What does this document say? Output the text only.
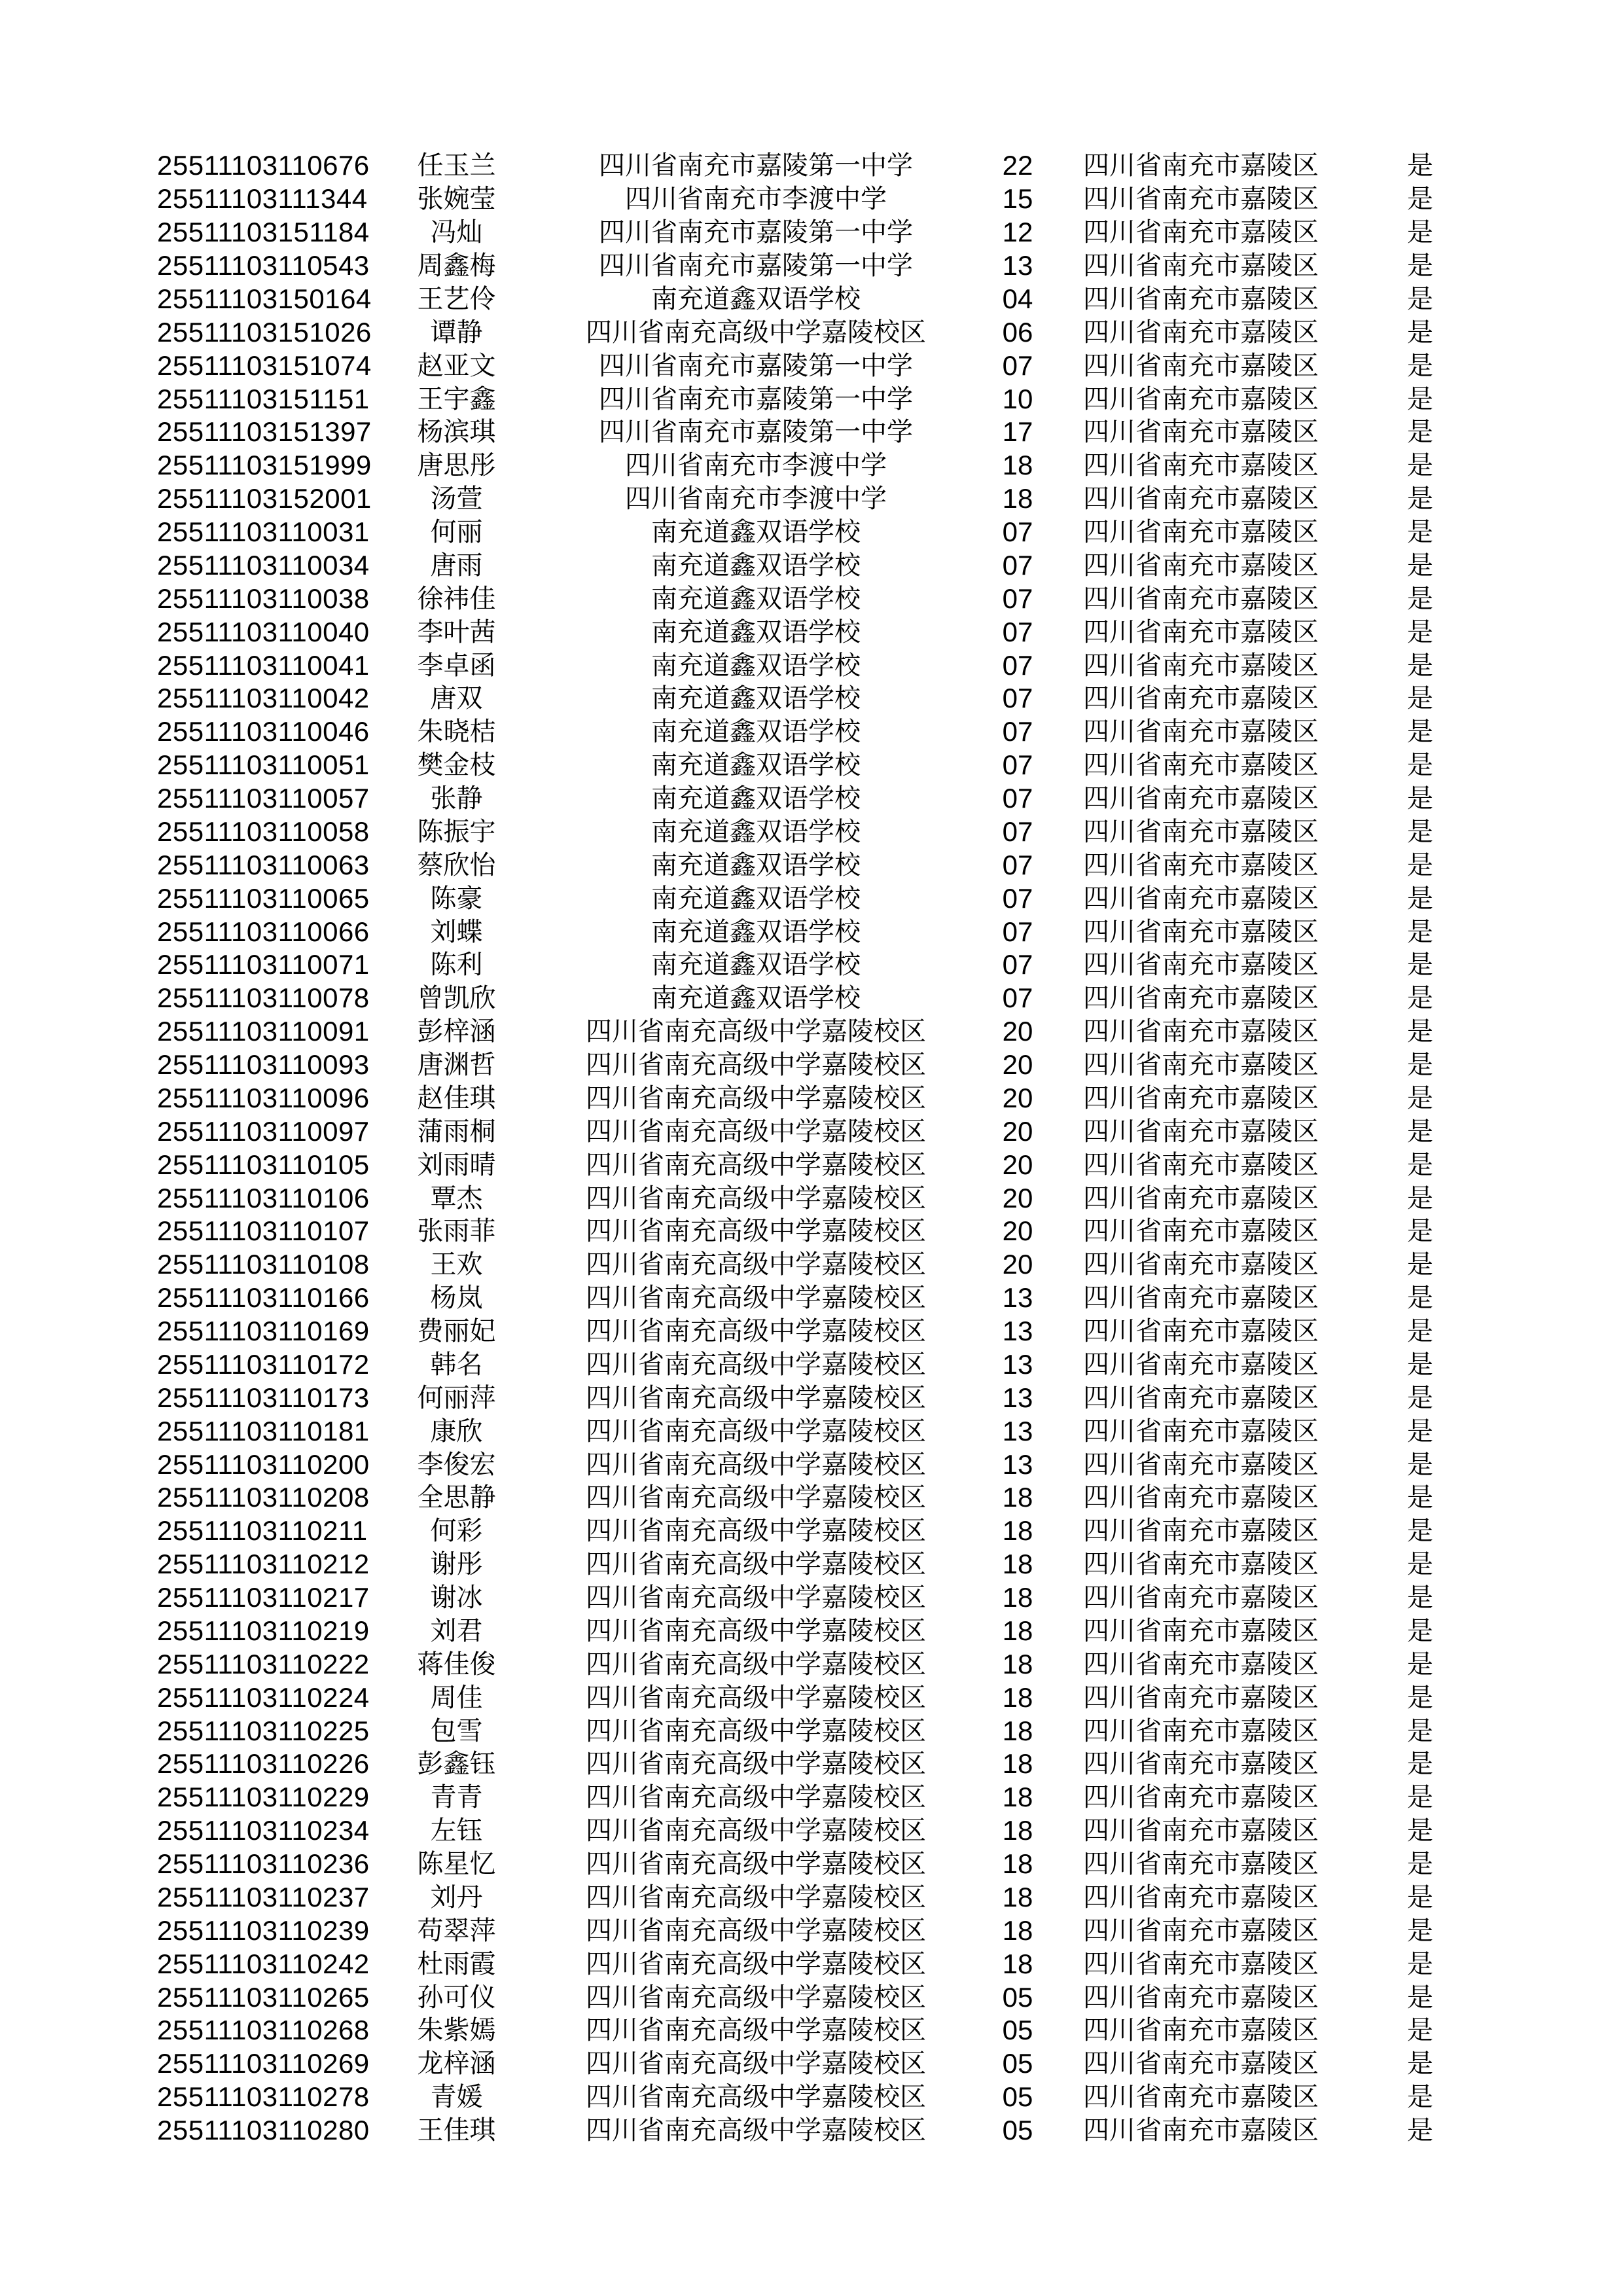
25511103110676	任玉兰	四川省南充市嘉陵第一中学	22	四川省南充市嘉陵区	是
25511103111344	张婉莹	四川省南充市李渡中学	15	四川省南充市嘉陵区	是
25511103151184	冯灿	四川省南充市嘉陵第一中学	12	四川省南充市嘉陵区	是
25511103110543	周鑫梅	四川省南充市嘉陵第一中学	13	四川省南充市嘉陵区	是
25511103150164	王艺伶	南充道鑫双语学校	04	四川省南充市嘉陵区	是
25511103151026	谭静	四川省南充高级中学嘉陵校区	06	四川省南充市嘉陵区	是
25511103151074	赵亚文	四川省南充市嘉陵第一中学	07	四川省南充市嘉陵区	是
25511103151151	王宇鑫	四川省南充市嘉陵第一中学	10	四川省南充市嘉陵区	是
25511103151397	杨滨琪	四川省南充市嘉陵第一中学	17	四川省南充市嘉陵区	是
25511103151999	唐思彤	四川省南充市李渡中学	18	四川省南充市嘉陵区	是
25511103152001	汤萱	四川省南充市李渡中学	18	四川省南充市嘉陵区	是
25511103110031	何丽	南充道鑫双语学校	07	四川省南充市嘉陵区	是
25511103110034	唐雨	南充道鑫双语学校	07	四川省南充市嘉陵区	是
25511103110038	徐祎佳	南充道鑫双语学校	07	四川省南充市嘉陵区	是
25511103110040	李叶茜	南充道鑫双语学校	07	四川省南充市嘉陵区	是
25511103110041	李卓函	南充道鑫双语学校	07	四川省南充市嘉陵区	是
25511103110042	唐双	南充道鑫双语学校	07	四川省南充市嘉陵区	是
25511103110046	朱晓桔	南充道鑫双语学校	07	四川省南充市嘉陵区	是
25511103110051	樊金枝	南充道鑫双语学校	07	四川省南充市嘉陵区	是
25511103110057	张静	南充道鑫双语学校	07	四川省南充市嘉陵区	是
25511103110058	陈振宇	南充道鑫双语学校	07	四川省南充市嘉陵区	是
25511103110063	蔡欣怡	南充道鑫双语学校	07	四川省南充市嘉陵区	是
25511103110065	陈豪	南充道鑫双语学校	07	四川省南充市嘉陵区	是
25511103110066	刘蝶	南充道鑫双语学校	07	四川省南充市嘉陵区	是
25511103110071	陈利	南充道鑫双语学校	07	四川省南充市嘉陵区	是
25511103110078	曾凯欣	南充道鑫双语学校	07	四川省南充市嘉陵区	是
25511103110091	彭梓涵	四川省南充高级中学嘉陵校区	20	四川省南充市嘉陵区	是
25511103110093	唐渊哲	四川省南充高级中学嘉陵校区	20	四川省南充市嘉陵区	是
25511103110096	赵佳琪	四川省南充高级中学嘉陵校区	20	四川省南充市嘉陵区	是
25511103110097	蒲雨桐	四川省南充高级中学嘉陵校区	20	四川省南充市嘉陵区	是
25511103110105	刘雨晴	四川省南充高级中学嘉陵校区	20	四川省南充市嘉陵区	是
25511103110106	覃杰	四川省南充高级中学嘉陵校区	20	四川省南充市嘉陵区	是
25511103110107	张雨菲	四川省南充高级中学嘉陵校区	20	四川省南充市嘉陵区	是
25511103110108	王欢	四川省南充高级中学嘉陵校区	20	四川省南充市嘉陵区	是
25511103110166	杨岚	四川省南充高级中学嘉陵校区	13	四川省南充市嘉陵区	是
25511103110169	费丽妃	四川省南充高级中学嘉陵校区	13	四川省南充市嘉陵区	是
25511103110172	韩名	四川省南充高级中学嘉陵校区	13	四川省南充市嘉陵区	是
25511103110173	何丽萍	四川省南充高级中学嘉陵校区	13	四川省南充市嘉陵区	是
25511103110181	康欣	四川省南充高级中学嘉陵校区	13	四川省南充市嘉陵区	是
25511103110200	李俊宏	四川省南充高级中学嘉陵校区	13	四川省南充市嘉陵区	是
25511103110208	全思静	四川省南充高级中学嘉陵校区	18	四川省南充市嘉陵区	是
25511103110211	何彩	四川省南充高级中学嘉陵校区	18	四川省南充市嘉陵区	是
25511103110212	谢彤	四川省南充高级中学嘉陵校区	18	四川省南充市嘉陵区	是
25511103110217	谢冰	四川省南充高级中学嘉陵校区	18	四川省南充市嘉陵区	是
25511103110219	刘君	四川省南充高级中学嘉陵校区	18	四川省南充市嘉陵区	是
25511103110222	蒋佳俊	四川省南充高级中学嘉陵校区	18	四川省南充市嘉陵区	是
25511103110224	周佳	四川省南充高级中学嘉陵校区	18	四川省南充市嘉陵区	是
25511103110225	包雪	四川省南充高级中学嘉陵校区	18	四川省南充市嘉陵区	是
25511103110226	彭鑫钰	四川省南充高级中学嘉陵校区	18	四川省南充市嘉陵区	是
25511103110229	青青	四川省南充高级中学嘉陵校区	18	四川省南充市嘉陵区	是
25511103110234	左钰	四川省南充高级中学嘉陵校区	18	四川省南充市嘉陵区	是
25511103110236	陈星忆	四川省南充高级中学嘉陵校区	18	四川省南充市嘉陵区	是
25511103110237	刘丹	四川省南充高级中学嘉陵校区	18	四川省南充市嘉陵区	是
25511103110239	苟翠萍	四川省南充高级中学嘉陵校区	18	四川省南充市嘉陵区	是
25511103110242	杜雨霞	四川省南充高级中学嘉陵校区	18	四川省南充市嘉陵区	是
25511103110265	孙可仪	四川省南充高级中学嘉陵校区	05	四川省南充市嘉陵区	是
25511103110268	朱紫嫣	四川省南充高级中学嘉陵校区	05	四川省南充市嘉陵区	是
25511103110269	龙梓涵	四川省南充高级中学嘉陵校区	05	四川省南充市嘉陵区	是
25511103110278	青媛	四川省南充高级中学嘉陵校区	05	四川省南充市嘉陵区	是
25511103110280	王佳琪	四川省南充高级中学嘉陵校区	05	四川省南充市嘉陵区	是
